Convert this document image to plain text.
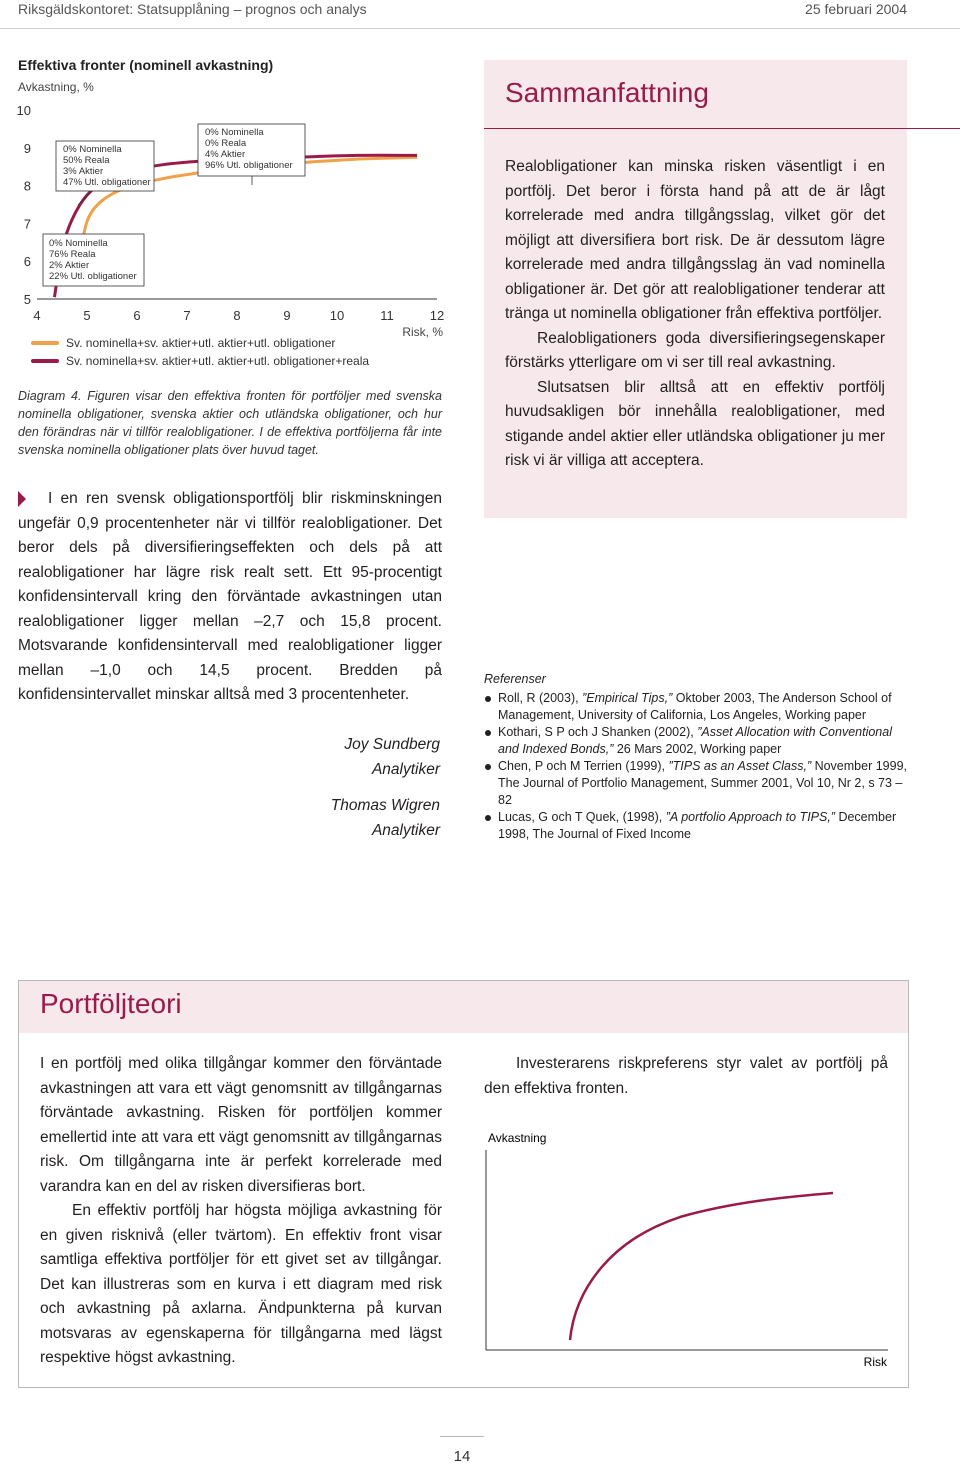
Riksgäldskontoret: Statsupplåning – prognos och analys	25 februari 2004
Effektiva fronter (nominell avkastning)
Avkastning, %
10
9
8
7
6
5
4	5	6	7	8	9	10	11	12
0% Nominella
50% Reala
3% Aktier
47% Utl. obligationer
0% Nominella
0% Reala
4% Aktier
96% Utl. obligationer
0% Nominella
76% Reala
2% Aktier
22% Utl. obligationer
Risk, %
Sv. nominella+sv. aktier+utl. aktier+utl. obligationer
Sv. nominella+sv. aktier+utl. aktier+utl. obligationer+reala
Diagram 4. Figuren visar den effektiva fronten för portföljer med svenska nominella obligationer, svenska aktier och utländska obligationer, och hur den förändras när vi tillför realobligationer. I de effektiva portföljerna får inte svenska nominella obligationer plats över huvud taget.
I en ren svensk obligationsportfölj blir riskminskningen ungefär 0,9 procentenheter när vi tillför realobligationer. Det beror dels på diversifieringseffekten och dels på att realobligationer har lägre risk realt sett. Ett 95-procentigt konfidensintervall kring den förväntade avkastningen utan realobligationer ligger mellan –2,7 och 15,8 procent. Motsvarande konfidensintervall med realobligationer ligger mellan –1,0 och 14,5 procent. Bredden på konfidensintervallet minskar alltså med 3 procentenheter.
Joy Sundberg
Analytiker
Thomas Wigren
Analytiker
Sammanfattning

Realobligationer kan minska risken väsentligt i en portfölj. Det beror i första hand på att de är lågt korrelerade med andra tillgångsslag, vilket gör det möjligt att diversifiera bort risk. De är dessutom lägre korrelerade med andra tillgångsslag än vad nominella obligationer är. Det gör att realobligationer tenderar att tränga ut nominella obligationer från effektiva portföljer.

Realobligationers goda diversifieringsegenskaper förstärks ytterligare om vi ser till real avkastning.

Slutsatsen blir alltså att en effektiv portfölj huvudsakligen bör innehålla realobligationer, med stigande andel aktier eller utländska obligationer ju mer risk vi är villiga att acceptera.

Referenser
Roll, R (2003), ”Empirical Tips,” Oktober 2003, The Anderson School of Management, University of California, Los Angeles, Working paper
Kothari, S P och J Shanken (2002), ”Asset Allocation with Conventional and Indexed Bonds,” 26 Mars 2002, Working paper
Chen, P och M Terrien (1999), ”TIPS as an Asset Class,” November 1999, The Journal of Portfolio Management, Summer 2001, Vol 10, Nr 2, s 73 – 82
Lucas, G och T Quek, (1998), ”A portfolio Approach to TIPS,” December 1998, The Journal of Fixed Income
Portföljteori

I en portfölj med olika tillgångar kommer den förväntade avkastningen att vara ett vägt genomsnitt av tillgångarnas förväntade avkastning. Risken för portföljen kommer emellertid inte att vara ett vägt genomsnitt av tillgångarnas risk. Om tillgångarna inte är perfekt korrelerade med varandra kan en del av risken diversifieras bort.

En effektiv portfölj har högsta möjliga avkastning för en given risknivå (eller tvärtom). En effektiv front visar samtliga effektiva portföljer för ett givet set av tillgångar. Det kan illustreras som en kurva i ett diagram med risk och avkastning på axlarna. Ändpunkterna på kurvan motsvaras av egenskaperna för tillgångarna med lägst respektive högst avkastning.

Investerarens riskpreferens styr valet av portfölj på den effektiva fronten.
Avkastning
Risk
14
